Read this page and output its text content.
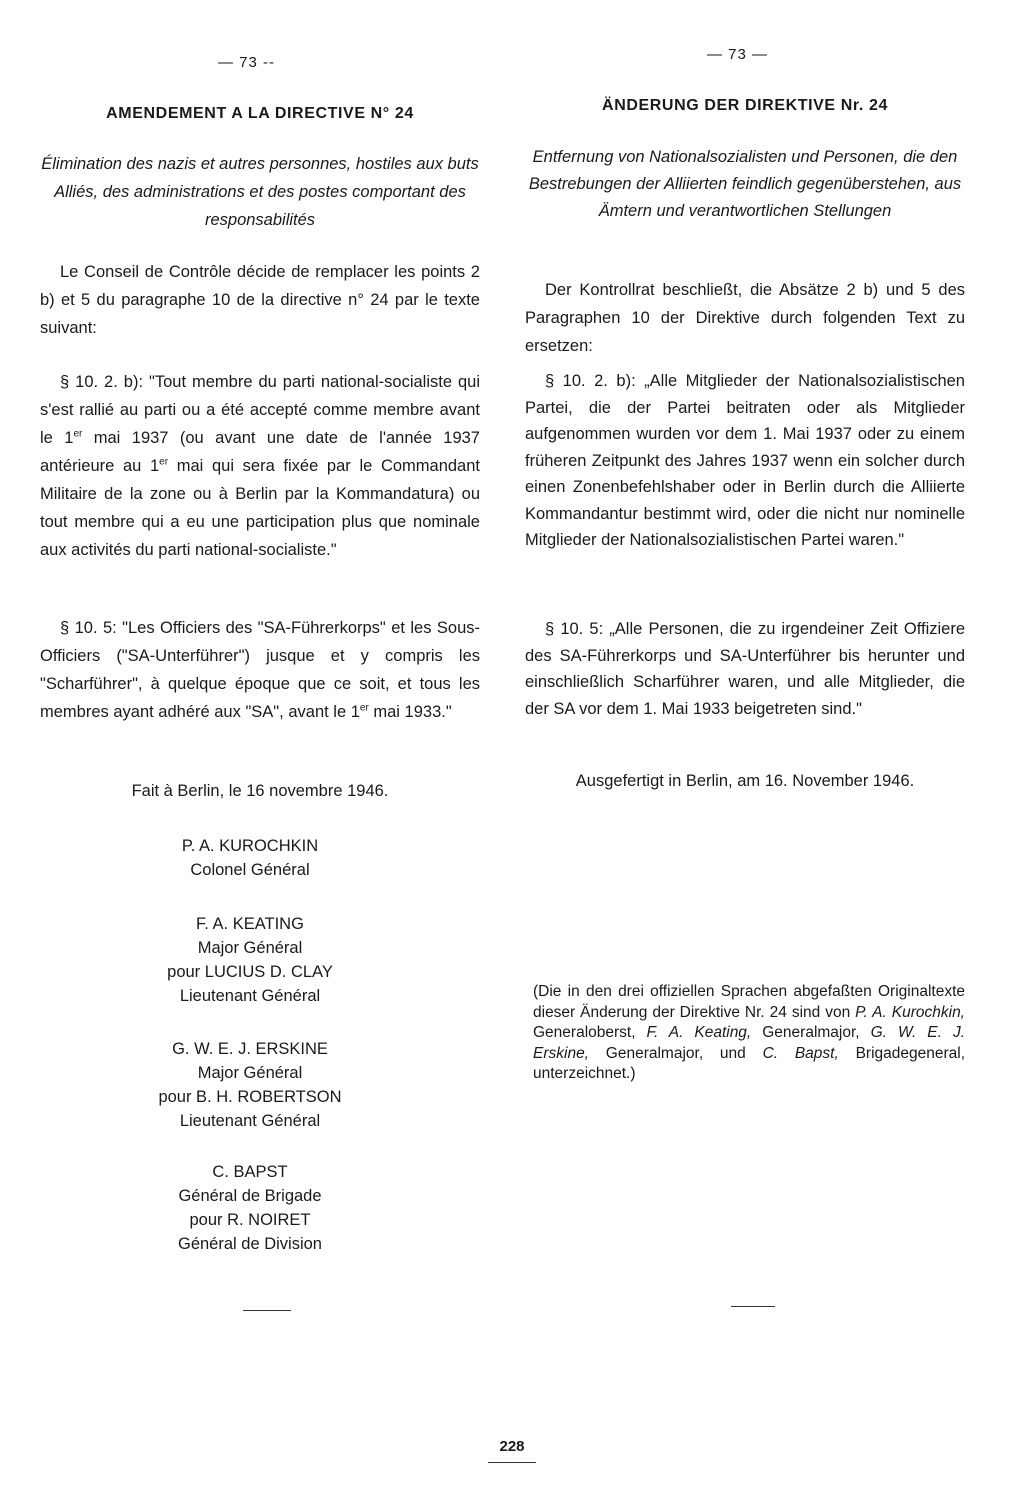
— 73 --
AMENDEMENT A LA DIRECTIVE N° 24
Élimination des nazis et autres personnes, hostiles aux buts Alliés, des administrations et des postes comportant des responsabilités
Le Conseil de Contrôle décide de remplacer les points 2 b) et 5 du paragraphe 10 de la directive n° 24 par le texte suivant:
§ 10. 2. b): "Tout membre du parti national-socialiste qui s'est rallié au parti ou a été accepté comme membre avant le 1er mai 1937 (ou avant une date de l'année 1937 antérieure au 1er mai qui sera fixée par le Commandant Militaire de la zone ou à Berlin par la Kommandatura) ou tout membre qui a eu une participation plus que nominale aux activités du parti national-socialiste."
§ 10. 5: "Les Officiers des "SA-Führerkorps" et les Sous-Officiers ("SA-Unterführer") jusque et y compris les "Scharführer", à quelque époque que ce soit, et tous les membres ayant adhéré aux "SA", avant le 1er mai 1933."
Fait à Berlin, le 16 novembre 1946.
P. A. KUROCHKIN
Colonel Général
F. A. KEATING
Major Général
pour LUCIUS D. CLAY
Lieutenant Général
G. W. E. J. ERSKINE
Major Général
pour B. H. ROBERTSON
Lieutenant Général
C. BAPST
Général de Brigade
pour R. NOIRET
Général de Division
— 73 —
ÄNDERUNG DER DIREKTIVE Nr. 24
Entfernung von Nationalsozialisten und Personen, die den Bestrebungen der Alliierten feindlich gegenüberstehen, aus Ämtern und verantwortlichen Stellungen
Der Kontrollrat beschließt, die Absätze 2 b) und 5 des Paragraphen 10 der Direktive durch folgenden Text zu ersetzen:
§ 10. 2. b): „Alle Mitglieder der Nationalsozialistischen Partei, die der Partei beitraten oder als Mitglieder aufgenommen wurden vor dem 1. Mai 1937 oder zu einem früheren Zeitpunkt des Jahres 1937 wenn ein solcher durch einen Zonenbefehlshaber oder in Berlin durch die Alliierte Kommandantur bestimmt wird, oder die nicht nur nominelle Mitglieder der Nationalsozialistischen Partei waren."
§ 10. 5: „Alle Personen, die zu irgendeiner Zeit Offiziere des SA-Führerkorps und SA-Unterführer bis herunter und einschließlich Scharführer waren, und alle Mitglieder, die der SA vor dem 1. Mai 1933 beigetreten sind."
Ausgefertigt in Berlin, am 16. November 1946.
(Die in den drei offiziellen Sprachen abgefaßten Originaltexte dieser Änderung der Direktive Nr. 24 sind von P. A. Kurochkin, Generaloberst, F. A. Keating, Generalmajor, G. W. E. J. Erskine, Generalmajor, und C. Bapst, Brigadegeneral, unterzeichnet.)
228
